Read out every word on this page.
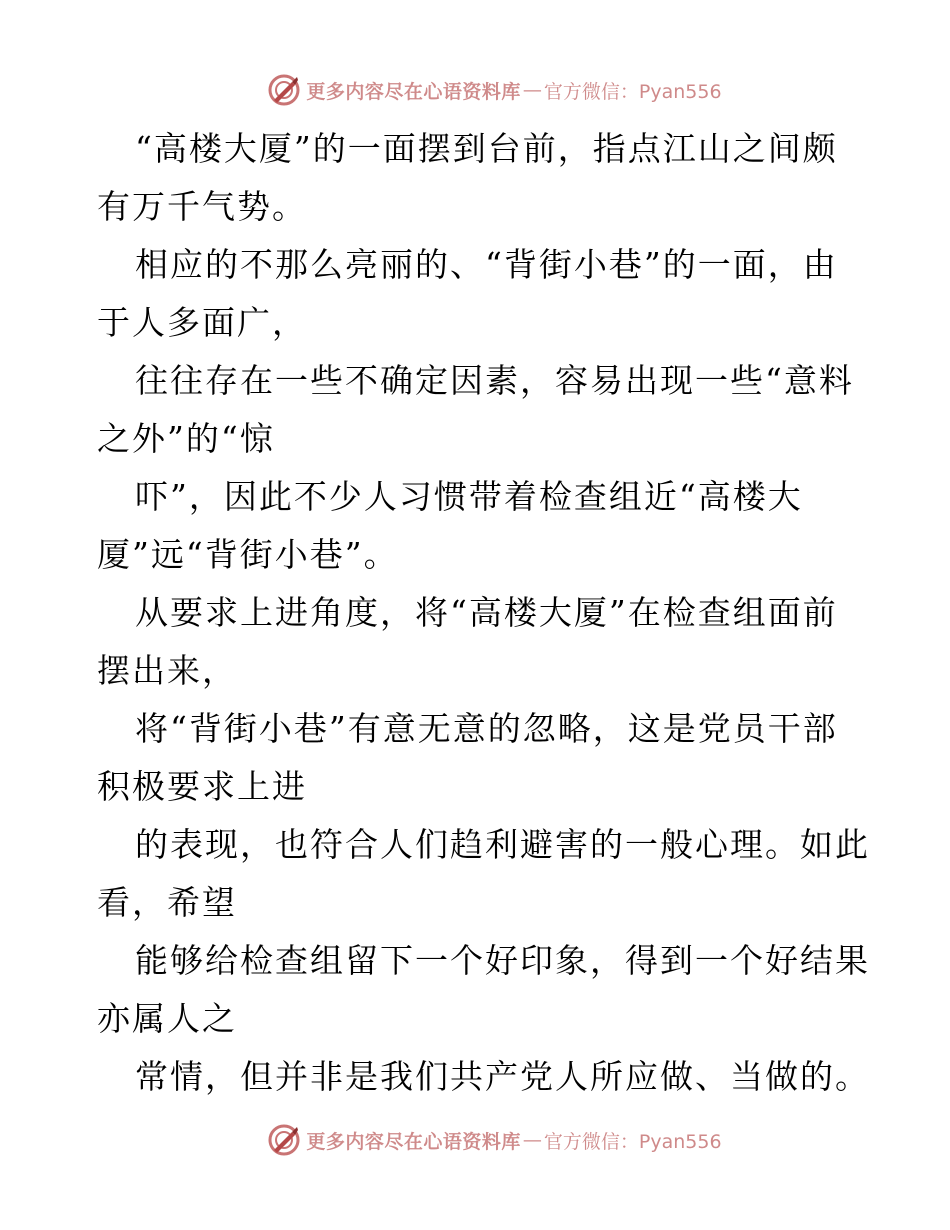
更多内容尽在心语资料库 — 官方微信：Pyan556
“高楼大厦”的一面摆到台前，指点江山之间颇
有万千气势。
相应的不那么亮丽的、“背街小巷”的一面，由
于人多面广，
往往存在一些不确定因素，容易出现一些“意料
之外”的“惊
吓”，因此不少人习惯带着检查组近“高楼大
厦”远“背街小巷”。
从要求上进角度，将“高楼大厦”在检查组面前
摆出来，
将“背街小巷”有意无意的忽略，这是党员干部
积极要求上进
的表现，也符合人们趋利避害的一般心理。如此
看，希望
能够给检查组留下一个好印象，得到一个好结果
亦属人之
常情，但并非是我们共产党人所应做、当做的。
更多内容尽在心语资料库 — 官方微信：Pyan556
